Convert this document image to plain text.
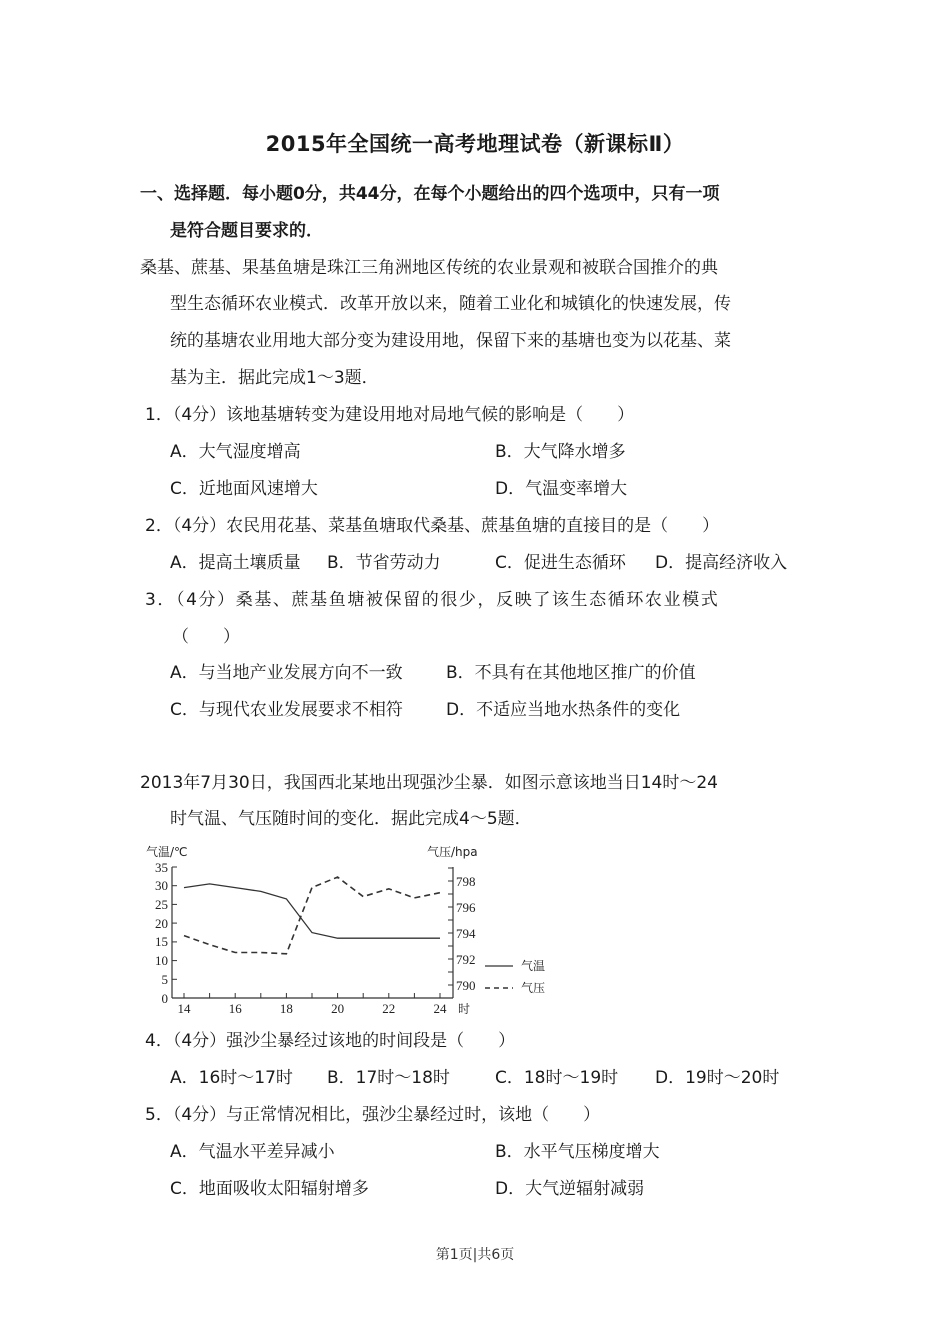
2015年全国统一高考地理试卷（新课标Ⅱ）
一、选择题．每小题0分，共44分，在每个小题给出的四个选项中，只有一项
是符合题目要求的．
桑基、蔗基、果基鱼塘是珠江三角洲地区传统的农业景观和被联合国推介的典
型生态循环农业模式．改革开放以来，随着工业化和城镇化的快速发展，传
统的基塘农业用地大部分变为建设用地，保留下来的基塘也变为以花基、菜
基为主．据此完成1～3题．
1．（4分）该地基塘转变为建设用地对局地气候的影响是（　　）
A．大气湿度增高	B．大气降水增多
C．近地面风速增大	D．气温变率增大
2．（4分）农民用花基、菜基鱼塘取代桑基、蔗基鱼塘的直接目的是（　　）
A．提高土壤质量 B．节省劳动力	C．促进生态循环 D．提高经济收入
3．（4分）桑基、蔗基鱼塘被保留的很少，反映了该生态循环农业模式
（　　）
A．与当地产业发展方向不一致	B．不具有在其他地区推广的价值
C．与现代农业发展要求不相符	D．不适应当地水热条件的变化
2013年7月30日，我国西北某地出现强沙尘暴．如图示意该地当日14时～24
时气温、气压随时间的变化．据此完成4～5题．
气温/℃	气压/hpa
0
5
10
15
20
25
30
35
790
792
794
796
798
14	16	18	20	22	24 时
气温
气压
4．（4分）强沙尘暴经过该地的时间段是（　　）
A．16时～17时 B．17时～18时	C．18时～19时 D．19时～20时
5．（4分）与正常情况相比，强沙尘暴经过时，该地（　　）
A．气温水平差异减小	B．水平气压梯度增大
C．地面吸收太阳辐射增多	D．大气逆辐射减弱
第1页|共6页
